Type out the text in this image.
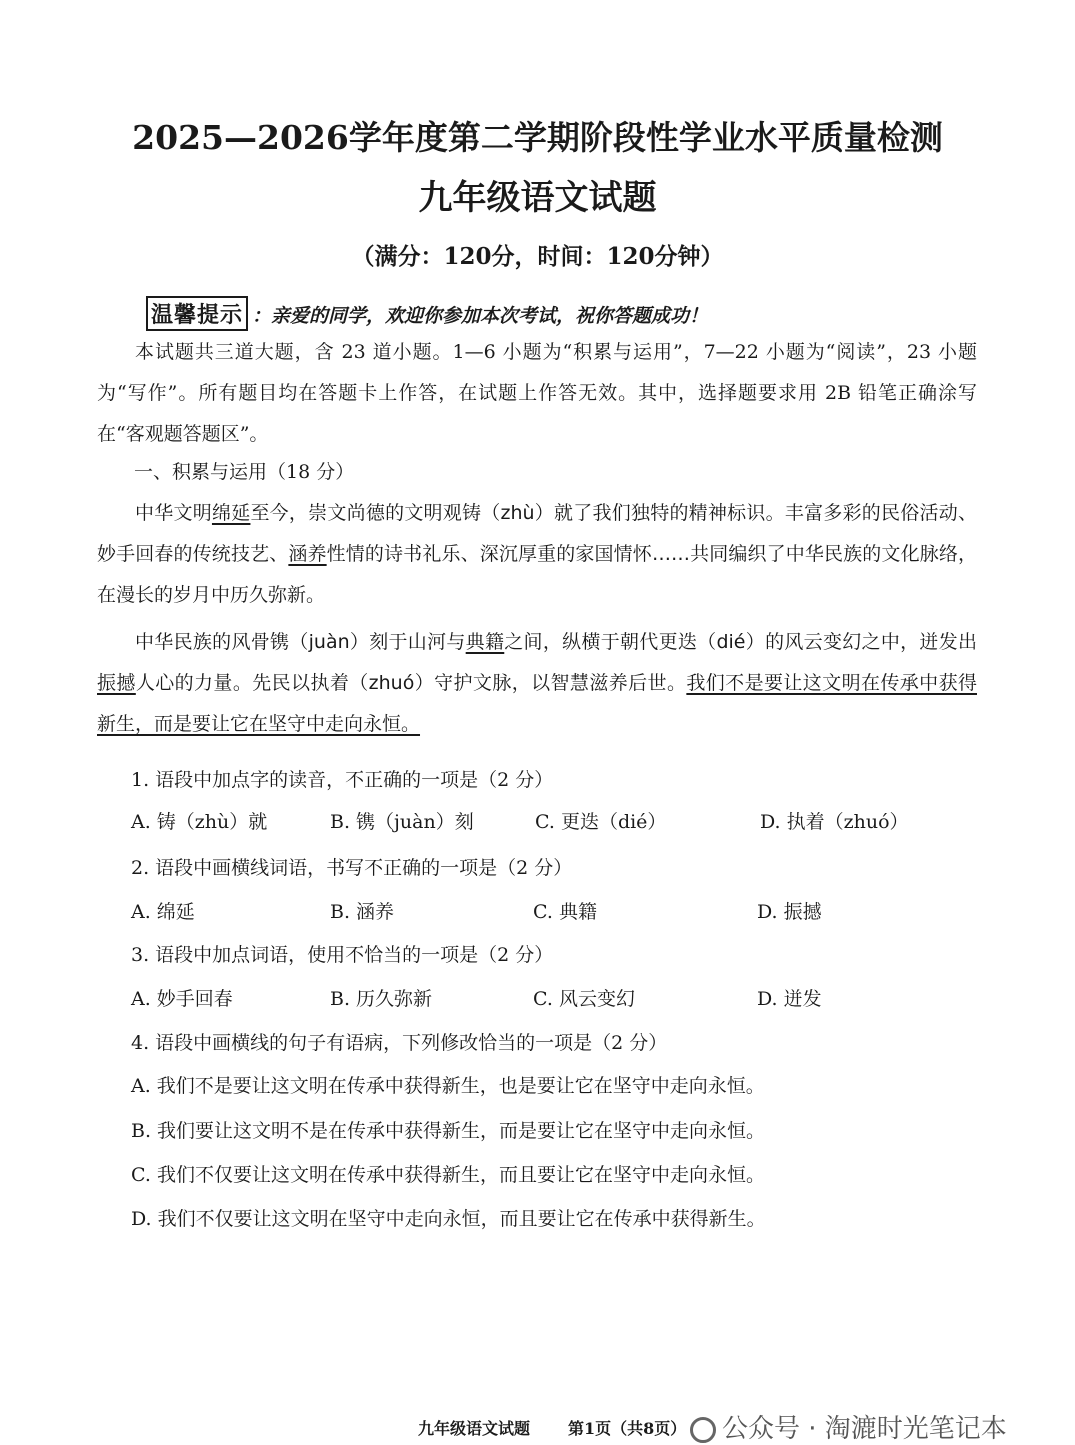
2025—2026学年度第二学期阶段性学业水平质量检测
九年级语文试题
（满分：120分，时间：120分钟）
温馨提示 ：亲爱的同学，欢迎你参加本次考试，祝你答题成功！
本试题共三道大题，含 23 道小题。1—6 小题为“积累与运用”，7—22 小题为“阅读”，23 小题为“写作”。所有题目均在答题卡上作答，在试题上作答无效。其中，选择题要求用 2B 铅笔正确涂写在“客观题答题区”。
一、积累与运用（18 分）
中华文明绵延至今，崇文尚德的文明观铸（zhù）就了我们独特的精神标识。丰富多彩的民俗活动、妙手回春的传统技艺、涵养性情的诗书礼乐、深沉厚重的家国情怀……共同编织了中华民族的文化脉络，在漫长的岁月中历久弥新。
中华民族的风骨镌（juàn）刻于山河与典籍之间，纵横于朝代更迭（dié）的风云变幻之中，迸发出振撼人心的力量。先民以执着（zhuó）守护文脉，以智慧滋养后世。我们不是要让这文明在传承中获得新生，而是要让它在坚守中走向永恒。
1. 语段中加点字的读音，不正确的一项是（2 分）
A. 铸（zhù）就	B. 镌（juàn）刻	C. 更迭（dié）	D. 执着（zhuó）
2. 语段中画横线词语，书写不正确的一项是（2 分）
A. 绵延	B. 涵养	C. 典籍	D. 振撼
3. 语段中加点词语，使用不恰当的一项是（2 分）
A. 妙手回春	B. 历久弥新	C. 风云变幻	D. 迸发
4. 语段中画横线的句子有语病，下列修改恰当的一项是（2 分）
A. 我们不是要让这文明在传承中获得新生，也是要让它在坚守中走向永恒。
B. 我们要让这文明不是在传承中获得新生，而是要让它在坚守中走向永恒。
C. 我们不仅要让这文明在传承中获得新生，而且要让它在坚守中走向永恒。
D. 我们不仅要让这文明在坚守中走向永恒，而且要让它在传承中获得新生。
九年级语文试题 第1页（共8页）	公众号 · 淘漉时光笔记本
